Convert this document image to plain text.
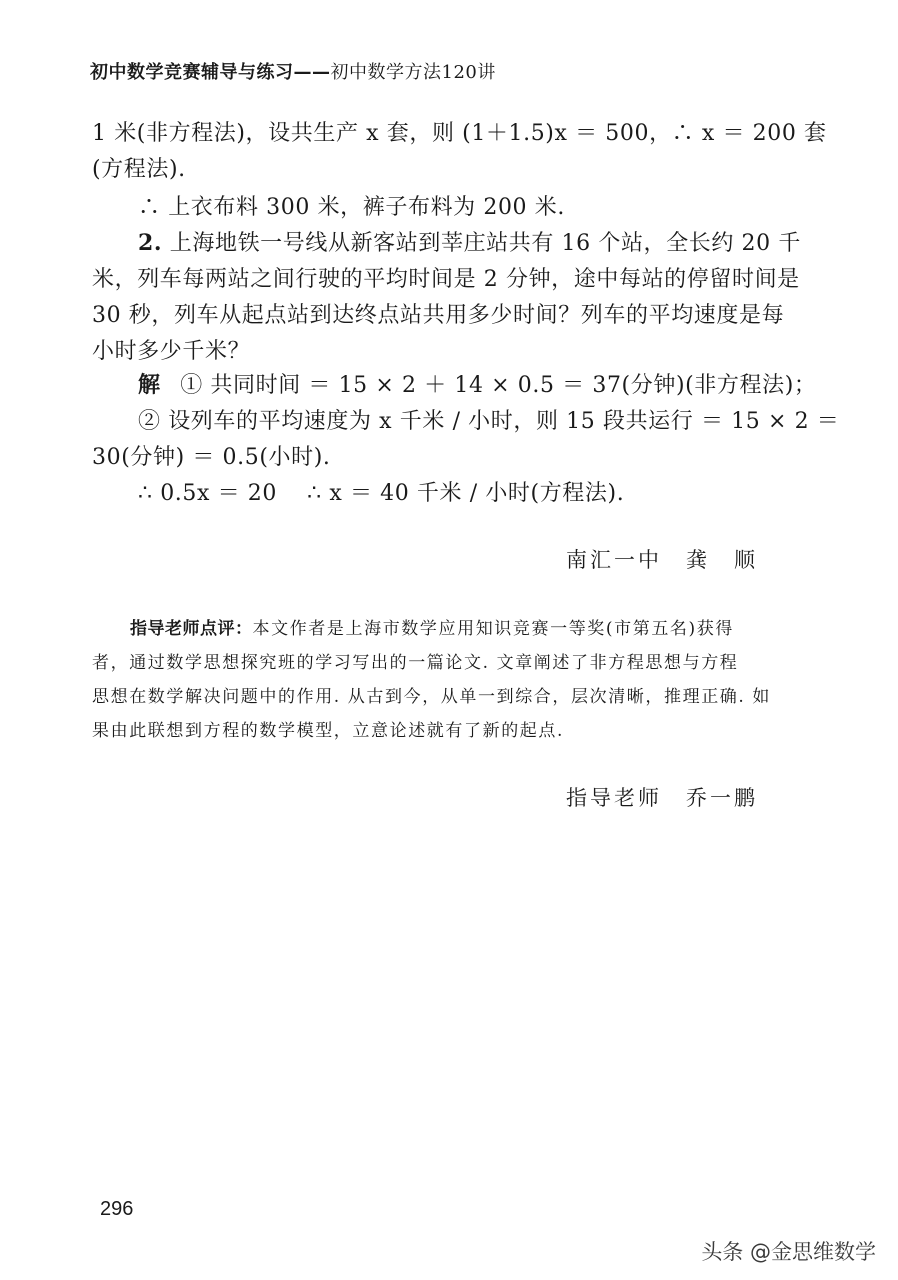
初中数学竞赛辅导与练习——初中数学方法120讲
1 米(非方程法)，设共生产 x 套，则 (1＋1.5)x ＝ 500，∴ x ＝ 200 套
(方程法).
∴ 上衣布料 300 米，裤子布料为 200 米.
2. 上海地铁一号线从新客站到莘庄站共有 16 个站，全长约 20 千
米，列车每两站之间行驶的平均时间是 2 分钟，途中每站的停留时间是
30 秒，列车从起点站到达终点站共用多少时间？列车的平均速度是每
小时多少千米？
解 ① 共同时间 ＝ 15 × 2 ＋ 14 × 0.5 ＝ 37(分钟)(非方程法)；
② 设列车的平均速度为 x 千米 / 小时，则 15 段共运行 ＝ 15 × 2 ＝
30(分钟) ＝ 0.5(小时).
∴ 0.5x ＝ 20　 ∴ x ＝ 40 千米 / 小时(方程法).
南汇一中　龚　顺
指导老师点评：本文作者是上海市数学应用知识竞赛一等奖(市第五名)获得
者，通过数学思想探究班的学习写出的一篇论文. 文章阐述了非方程思想与方程
思想在数学解决问题中的作用. 从古到今，从单一到综合，层次清晰，推理正确. 如
果由此联想到方程的数学模型，立意论述就有了新的起点.
指导老师　乔一鹏
296
头条 @金思维数学
